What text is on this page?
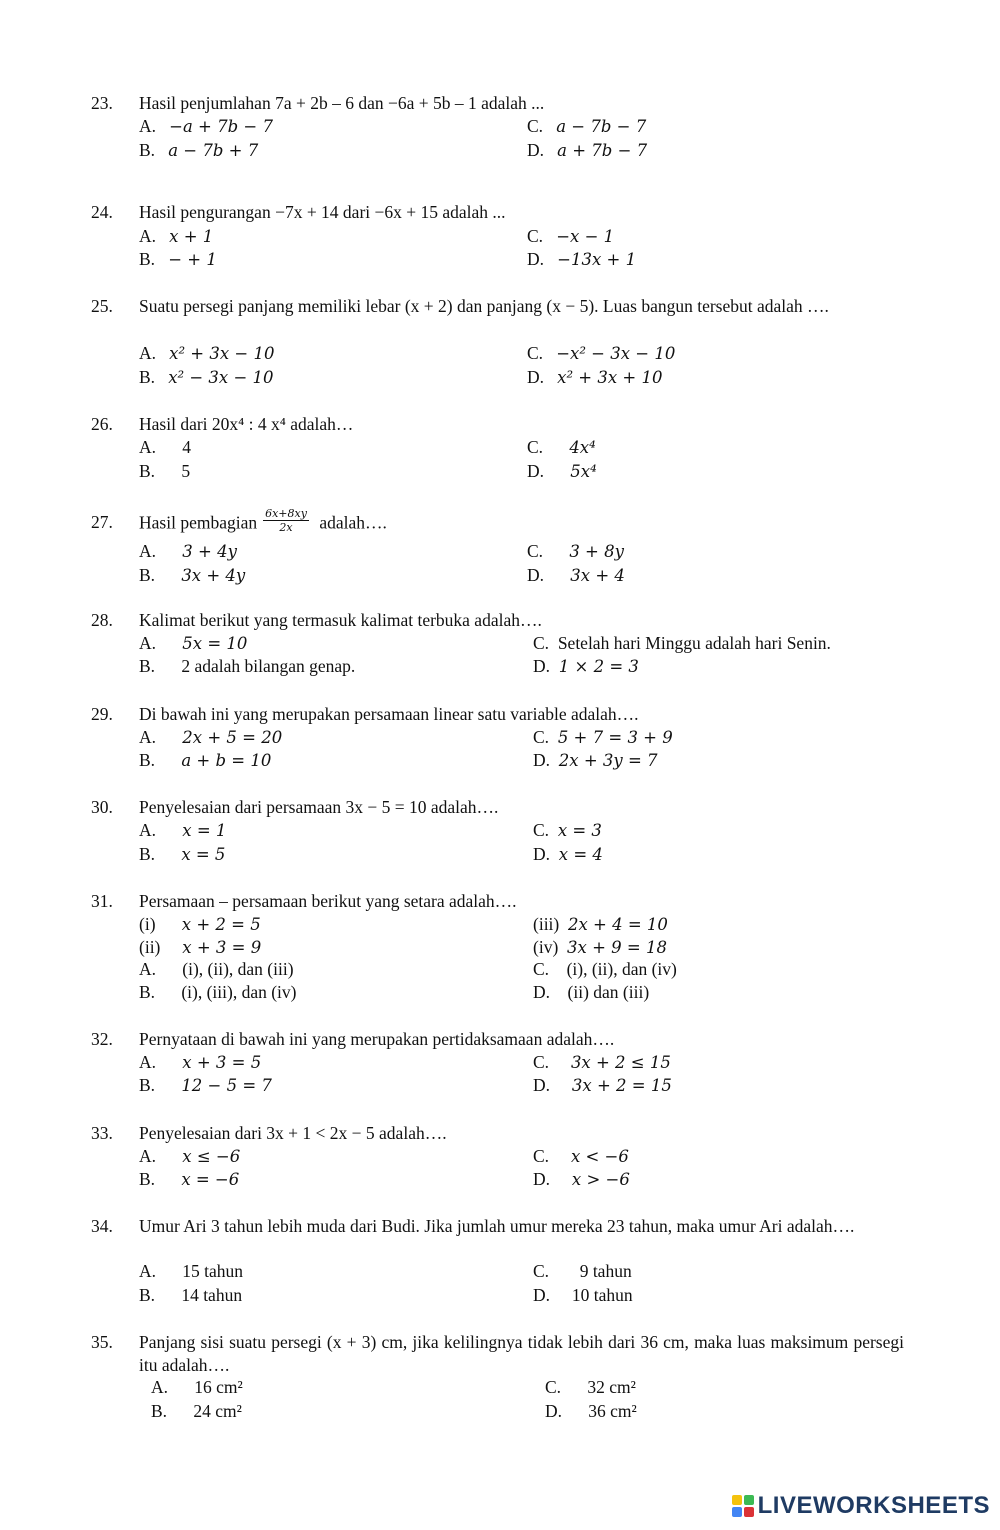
23. Hasil penjumlahan 7a + 2b – 6 dan −6a + 5b – 1 adalah ...
A. −a + 7b − 7	C. a − 7b − 7
B. a − 7b + 7	D. a + 7b − 7
24. Hasil pengurangan −7x + 14 dari −6x + 15 adalah ...
A. x + 1	C. −x − 1
B. − + 1	D. −13x + 1
25. Suatu persegi panjang memiliki lebar (x + 2) dan panjang (x − 5). Luas bangun tersebut adalah ….
A. x² + 3x − 10	C. −x² − 3x − 10
B. x² − 3x − 10	D. x² + 3x + 10
26. Hasil dari 20x⁴ : 4 x⁴ adalah…
A. 4	C. 4x⁴
B. 5	D. 5x⁴
27. Hasil pembagian $\frac{6x+8xy}{2x}$ adalah….
A. 3 + 4y	C. 3 + 8y
B. 3x + 4y	D. 3x + 4
28. Kalimat berikut yang termasuk kalimat terbuka adalah….
A. 5x = 10	C. Setelah hari Minggu adalah hari Senin.
B. 2 adalah bilangan genap.	D. 1 × 2 = 3
29. Di bawah ini yang merupakan persamaan linear satu variable adalah….
A. 2x + 5 = 20	C. 5 + 7 = 3 + 9
B. a + b = 10	D. 2x + 3y = 7
30. Penyelesaian dari persamaan 3x − 5 = 10 adalah….
A. x = 1	C. x = 3
B. x = 5	D. x = 4
31. Persamaan – persamaan berikut yang setara adalah….
(i) x + 2 = 5	(iii) 2x + 4 = 10
(ii) x + 3 = 9	(iv) 3x + 9 = 18
A. (i), (ii), dan (iii)	C. (i), (ii), dan (iv)
B. (i), (iii), dan (iv)	D. (ii) dan (iii)
32. Pernyataan di bawah ini yang merupakan pertidaksamaan adalah….
A. x + 3 = 5	C. 3x + 2 ≤ 15
B. 12 − 5 = 7	D. 3x + 2 = 15
33. Penyelesaian dari 3x + 1 < 2x − 5 adalah….
A. x ≤ −6	C. x < −6
B. x = −6	D. x > −6
34. Umur Ari 3 tahun lebih muda dari Budi. Jika jumlah umur mereka 23 tahun, maka umur Ari adalah….
A. 15 tahun	C. 9 tahun
B. 14 tahun	D. 10 tahun
35. Panjang sisi suatu persegi (x + 3) cm, jika kelilingnya tidak lebih dari 36 cm, maka luas maksimum persegi itu adalah….
A. 16 cm²	C. 32 cm²
B. 24 cm²	D. 36 cm²
LIVEWORKSHEETS
